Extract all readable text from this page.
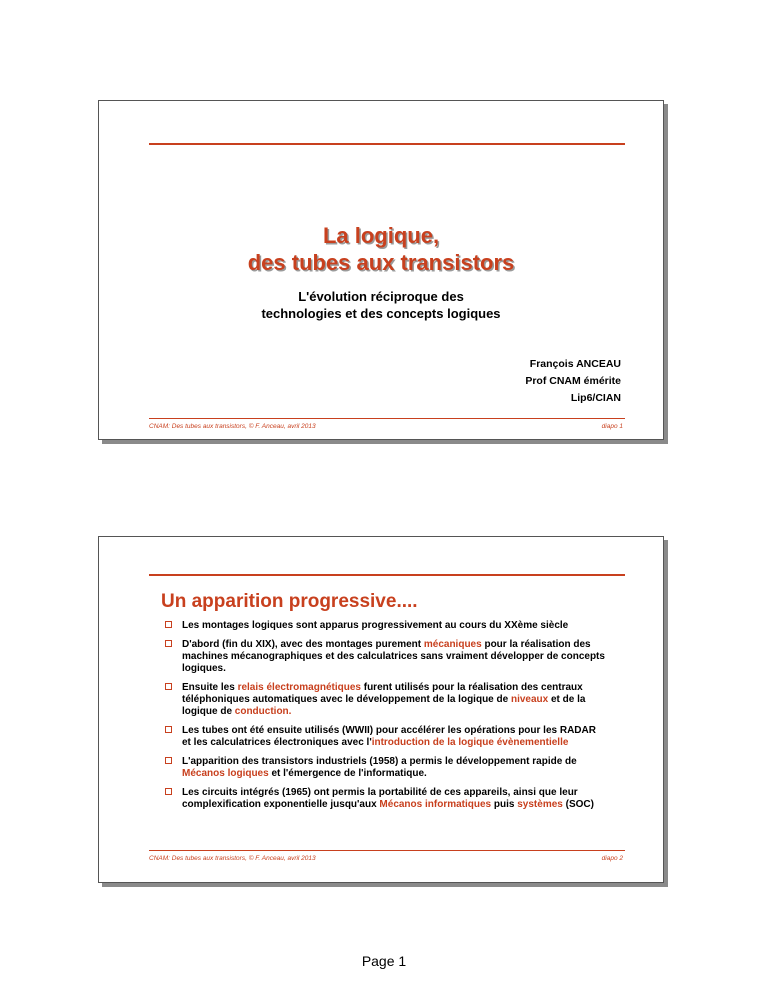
La logique,
des tubes aux transistors
L'évolution réciproque des
technologies et des concepts logiques
François ANCEAU
Prof CNAM émérite
Lip6/CIAN
CNAM: Des tubes aux transistors, © F. Anceau, avril 2013	diapo 1
Un apparition progressive....
Les montages logiques sont apparus progressivement au cours du XXème siècle
D'abord (fin du XIX), avec des montages purement mécaniques pour la réalisation des machines mécanographiques et des calculatrices sans vraiment développer de concepts logiques.
Ensuite les relais électromagnétiques furent utilisés pour la réalisation des centraux téléphoniques automatiques avec le développement de la logique de niveaux et de la logique de conduction.
Les tubes ont été ensuite utilisés (WWII) pour accélérer les opérations pour les RADAR et les calculatrices électroniques avec l'introduction de la logique évènementielle
L'apparition des transistors industriels (1958) a permis le développement rapide de Mécanos logiques et l'émergence de l'informatique.
Les circuits intégrés (1965) ont permis la portabilité de ces appareils, ainsi que leur complexification exponentielle jusqu'aux Mécanos informatiques puis systèmes (SOC)
CNAM: Des tubes aux transistors, © F. Anceau, avril 2013	diapo 2
Page 1
